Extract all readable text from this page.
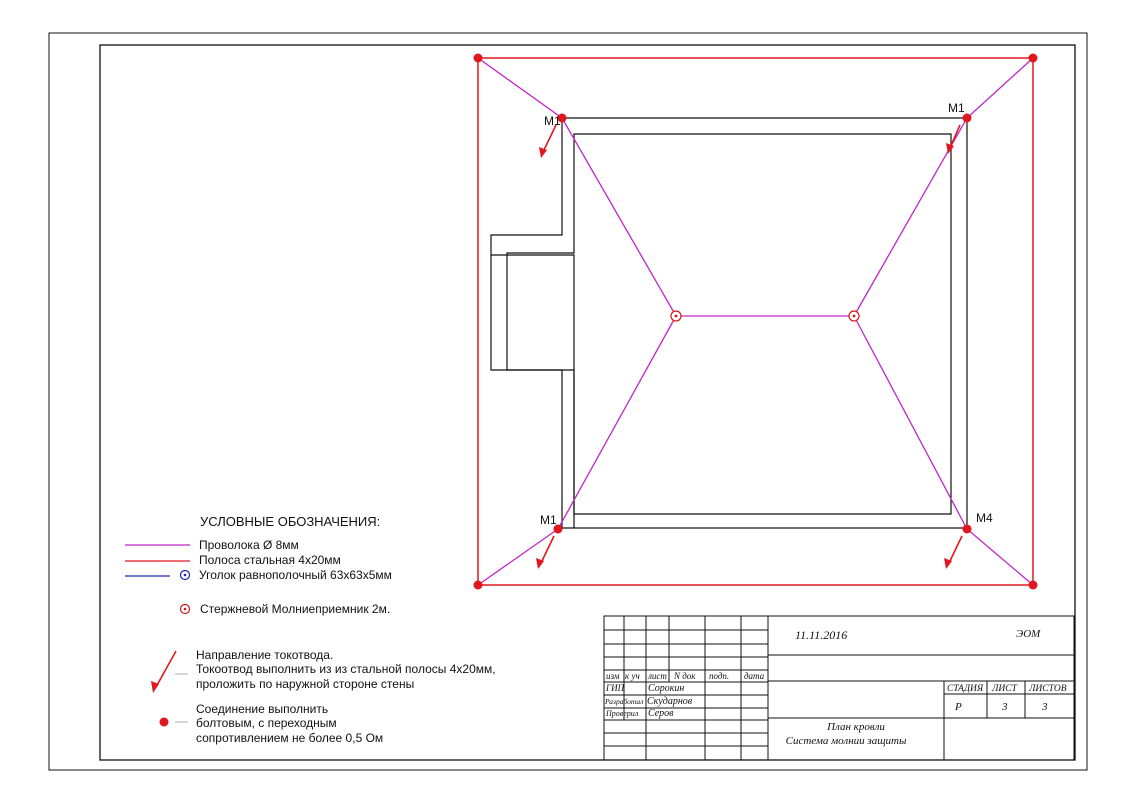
M1
M1
M1	M4
УСЛОВНЫЕ ОБОЗНАЧЕНИЯ:
Проволока Ø 8мм
Полоса стальная 4х20мм
Уголок равнополочный 63х63х5мм
Стержневой Молниеприемник 2м.
Направление токотвода.
Токоотвод выполнить из из стальной полосы 4х20мм,
проложить по наружной стороне стены
Соединение выполнить
болтовым, с переходным
сопротивлением не более 0,5 Ом
11.11.2016	ЭОМ
изм к уч лист N док подп. дата
ГИП Сорокин
Разработал Скударнов
Проверил Серов
СТАДИЯ ЛИСТ ЛИСТОВ
Р	3	3
План кровли
Система молнии защиты
